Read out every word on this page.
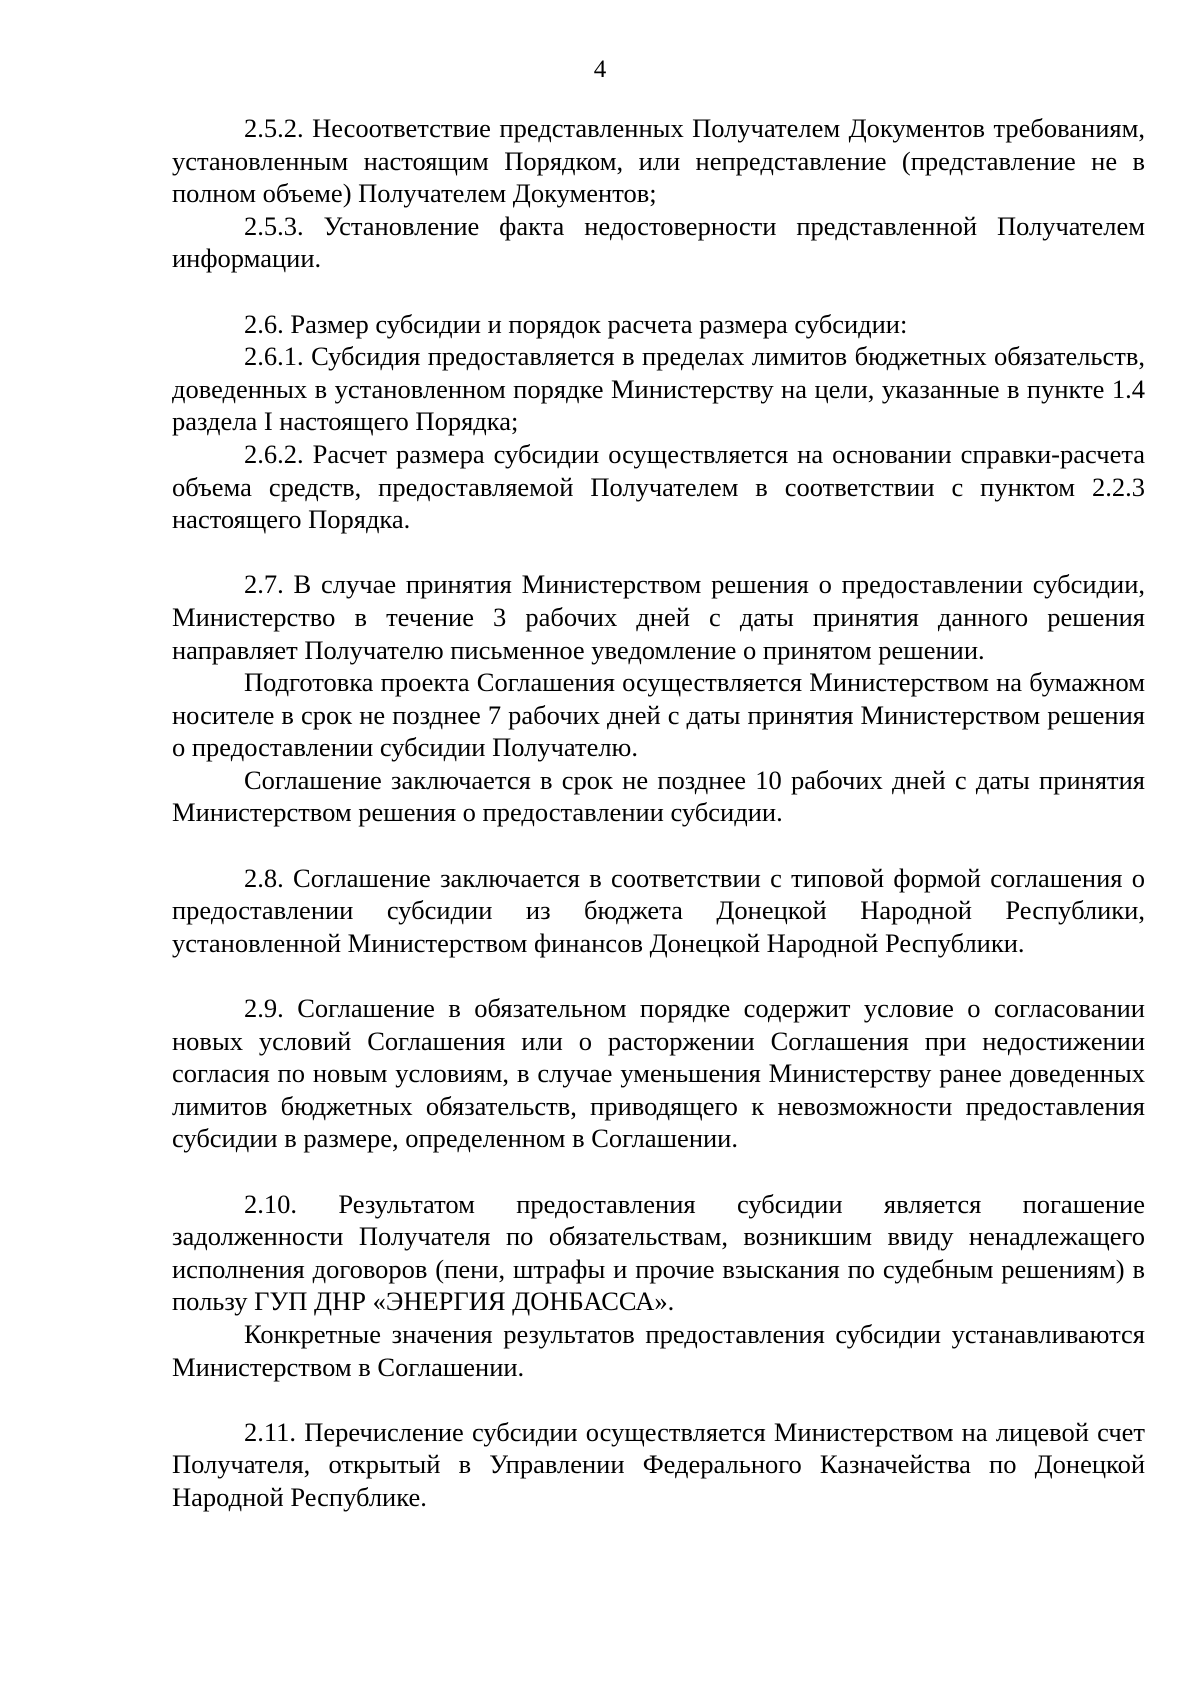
4

2.5.2. Несоответствие представленных Получателем Документов требованиям, установленным настоящим Порядком, или непредставление (представление не в полном объеме) Получателем Документов;

2.5.3. Установление факта недостоверности представленной Получателем информации.

2.6. Размер субсидии и порядок расчета размера субсидии:

2.6.1. Субсидия предоставляется в пределах лимитов бюджетных обязательств, доведенных в установленном порядке Министерству на цели, указанные в пункте 1.4 раздела I настоящего Порядка;

2.6.2. Расчет размера субсидии осуществляется на основании справки-расчета объема средств, предоставляемой Получателем в соответствии с пунктом 2.2.3 настоящего Порядка.

2.7. В случае принятия Министерством решения о предоставлении субсидии, Министерство в течение 3 рабочих дней с даты принятия данного решения направляет Получателю письменное уведомление о принятом решении.

Подготовка проекта Соглашения осуществляется Министерством на бумажном носителе в срок не позднее 7 рабочих дней с даты принятия Министерством решения о предоставлении субсидии Получателю.

Соглашение заключается в срок не позднее 10 рабочих дней с даты принятия Министерством решения о предоставлении субсидии.

2.8. Соглашение заключается в соответствии с типовой формой соглашения о предоставлении субсидии из бюджета Донецкой Народной Республики, установленной Министерством финансов Донецкой Народной Республики.

2.9. Соглашение в обязательном порядке содержит условие о согласовании новых условий Соглашения или о расторжении Соглашения при недостижении согласия по новым условиям, в случае уменьшения Министерству ранее доведенных лимитов бюджетных обязательств, приводящего к невозможности предоставления субсидии в размере, определенном в Соглашении.

2.10. Результатом предоставления субсидии является погашение задолженности Получателя по обязательствам, возникшим ввиду ненадлежащего исполнения договоров (пени, штрафы и прочие взыскания по судебным решениям) в пользу ГУП ДНР «ЭНЕРГИЯ ДОНБАССА».

Конкретные значения результатов предоставления субсидии устанавливаются Министерством в Соглашении.

2.11. Перечисление субсидии осуществляется Министерством на лицевой счет Получателя, открытый в Управлении Федерального Казначейства по Донецкой Народной Республике.
